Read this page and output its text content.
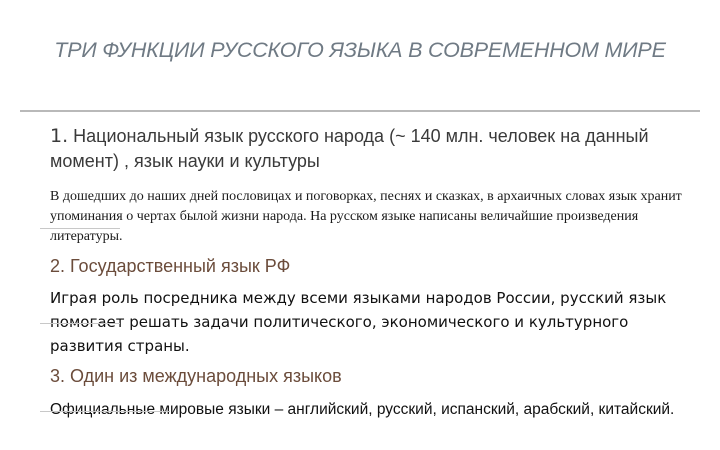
ТРИ ФУНКЦИИ РУССКОГО ЯЗЫКА В СОВРЕМЕННОМ МИРЕ
1. Национальный язык русского народа (~ 140 млн. человек на данный момент) , язык науки и культуры
В дошедших до наших дней пословицах и поговорках, песнях и сказках, в архаичных словах язык хранит упоминания о чертах былой жизни народа. На русском языке написаны величайшие произведения литературы.
2. Государственный язык РФ
Играя роль посредника между всеми языками народов России, русский язык помогает решать задачи политического, экономического и культурного развития страны.
3. Один из международных языков
Официальные мировые языки – английский, русский, испанский, арабский, китайский.
